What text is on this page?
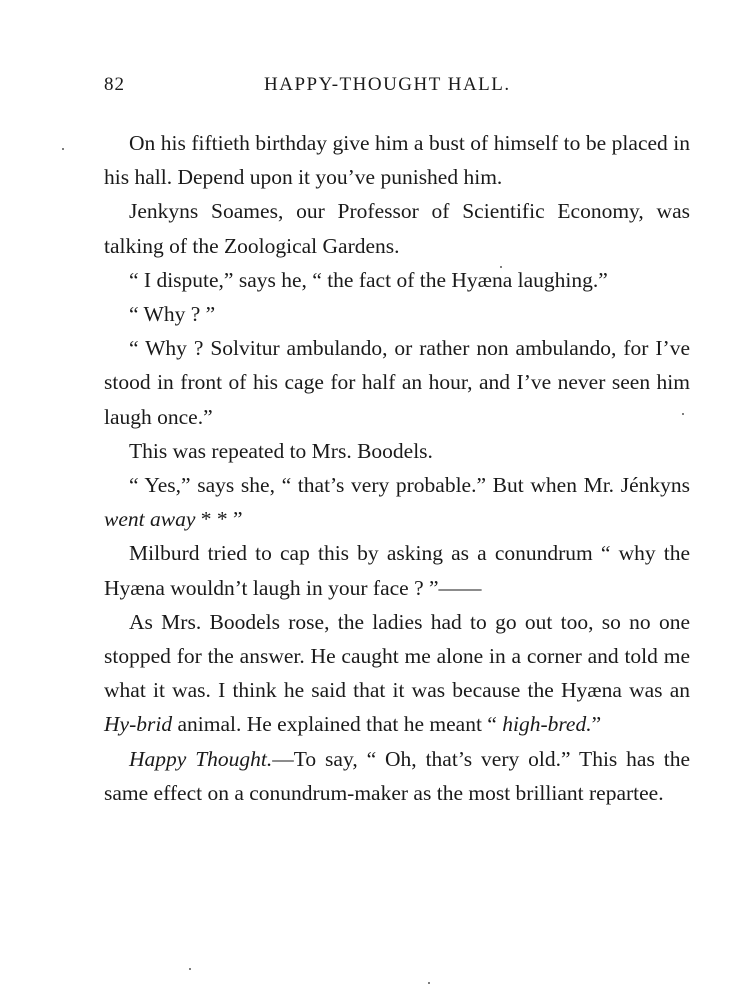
82	HAPPY-THOUGHT HALL.

On his fiftieth birthday give him a bust of himself to be placed in his hall. Depend upon it you’ve punished him.

Jenkyns Soames, our Professor of Scientific Economy, was talking of the Zoological Gardens.

“ I dispute,” says he, “ the fact of the Hyæna laughing.”

“ Why ? ”

“ Why ? Solvitur ambulando, or rather non ambulando, for I’ve stood in front of his cage for half an hour, and I’ve never seen him laugh once.”

This was repeated to Mrs. Boodels.

“ Yes,” says she, “ that’s very probable.” But when Mr. Jénkyns went away * * ”

Milburd tried to cap this by asking as a conundrum “ why the Hyæna wouldn’t laugh in your face ? ”——

As Mrs. Boodels rose, the ladies had to go out too, so no one stopped for the answer. He caught me alone in a corner and told me what it was. I think he said that it was because the Hyæna was an Hy-brid animal. He explained that he meant “ high-bred.”

Happy Thought.—To say, “ Oh, that’s very old.” This has the same effect on a conundrum-maker as the most brilliant repartee.
